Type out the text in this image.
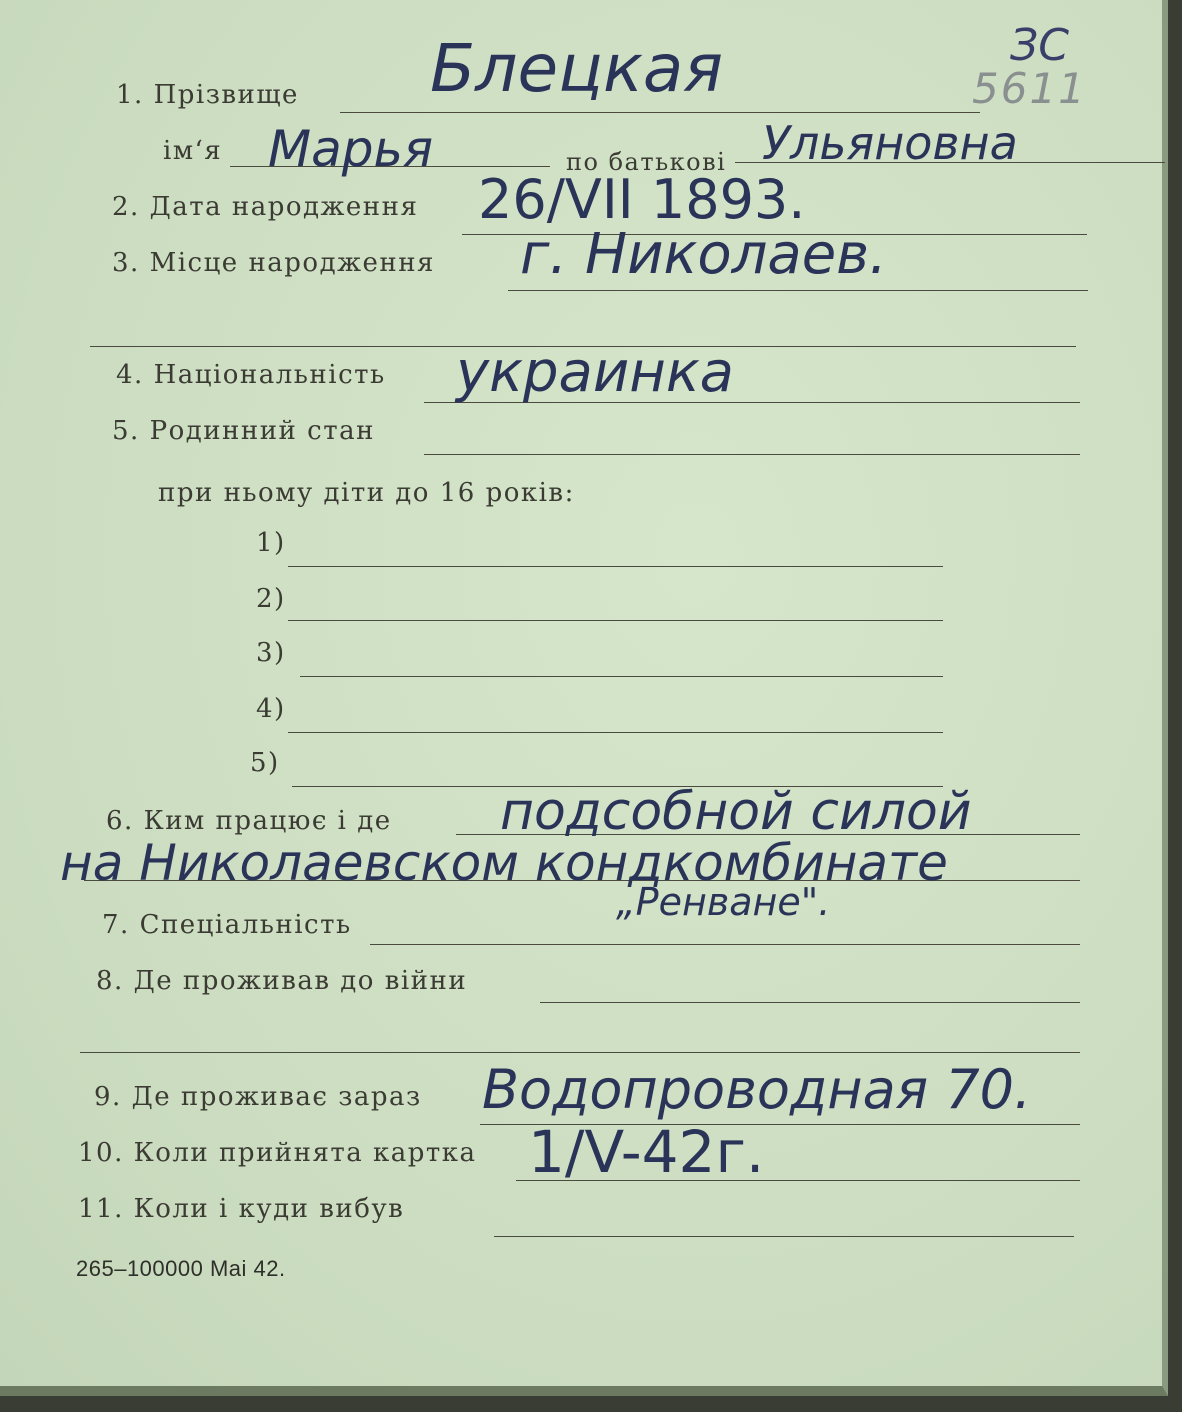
ЗС
5611
1. Прізвище Блецкая
ім‘я Марья	по батькові Ульяновна
2. Дата народження 26/VII 1893.
3. Місце народження г. Николаев.
4. Національність украинка
5. Родинний стан
при ньому діти до 16 років:
1)
2)
3)
4)
5)
6. Ким працює і де подсобной силой
на Николаевском кондкомбинате
„Ренване".
7. Спеціальність
8. Де проживав до війни
9. Де проживає зараз Водопроводная 70.
10. Коли прийнята картка 1/V-42г.
11. Коли і куди вибув
265–100000 Mai 42.
